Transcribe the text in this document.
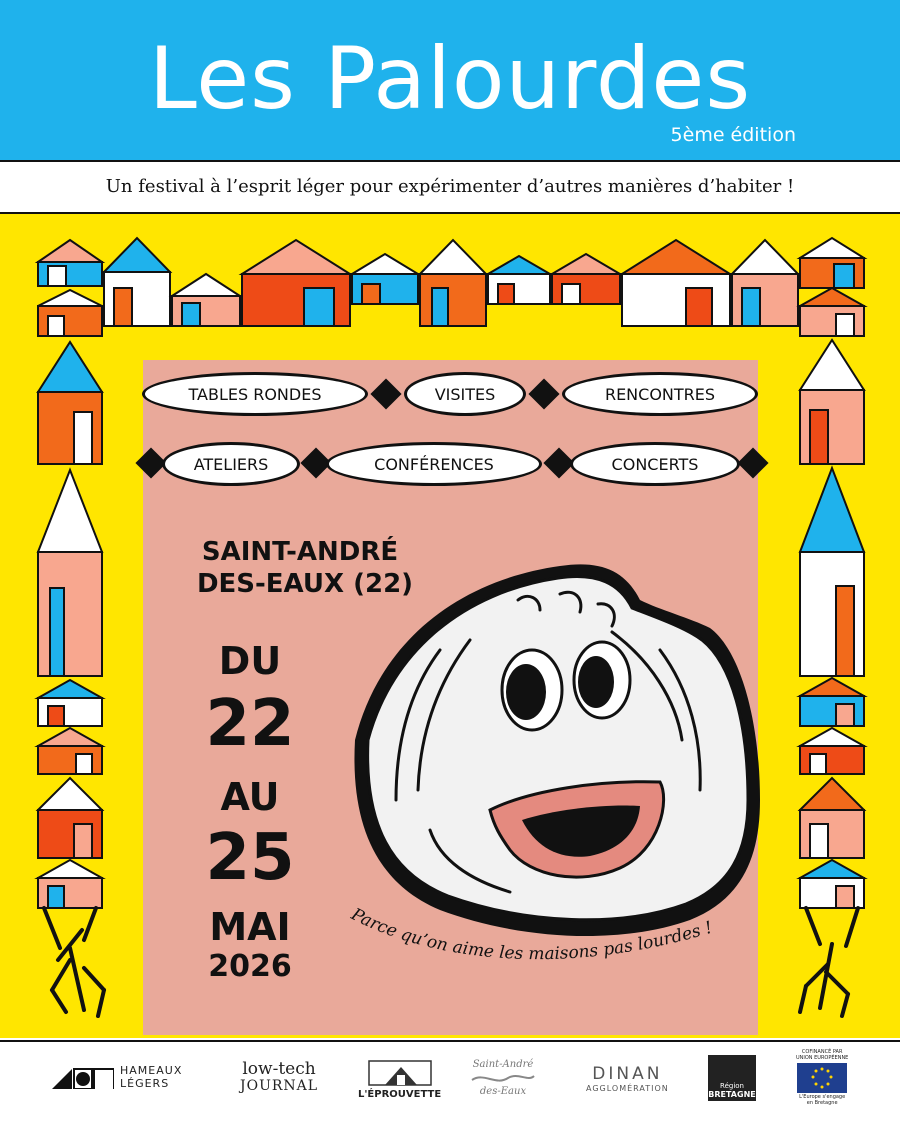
Les Palourdes
5ème édition
Un festival à l’esprit léger pour expérimenter d’autres manières d’habiter !
Parce qu’on aime les maisons pas lourdes !
TABLES RONDES	VISITES	RENCONTRES
ATELIERS	CONFÉRENCES	CONCERTS
SAINT-ANDRÉ
DES-EAUX (22)
DU
22
AU
25
MAI
2026
HAMEAUX
LÉGERS
low-tech
JOURNAL	L'ÉPROUVETTE
Saint-André
des-Eaux
DINAN
AGGLOMÉRATION	Région
BRETAGNE
COFINANCÉ PAR
UNION EUROPÉENNE
L'Europe s'engage
en Bretagne
